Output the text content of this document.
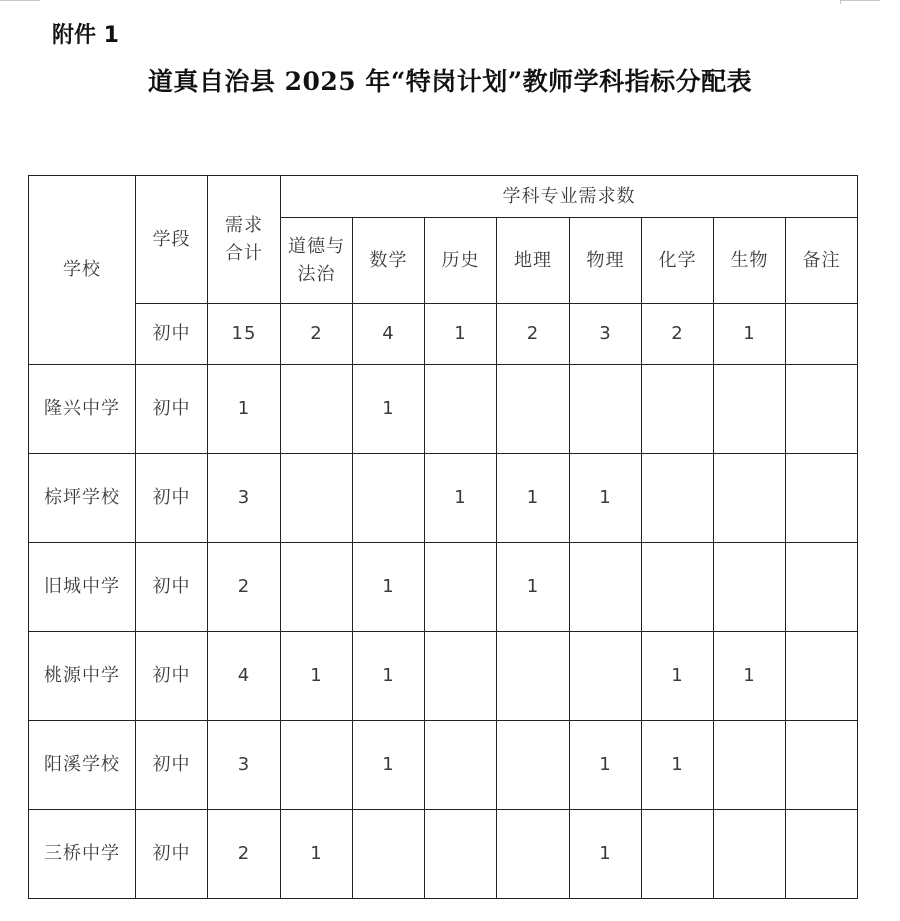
附件 1
道真自治县 2025 年“特岗计划”教师学科指标分配表
学校	学段	需求合计	学科专业需求数							

			道德与法治	数学	历史	地理	物理	化学	生物	备注
	初中	15	2	4	1	2	3	2	1	
隆兴中学	初中	1		1						
棕坪学校	初中	3			1	1	1			
旧城中学	初中	2		1		1				
桃源中学	初中	4	1	1				1	1	
阳溪学校	初中	3		1			1	1		
三桥中学	初中	2	1				1			
